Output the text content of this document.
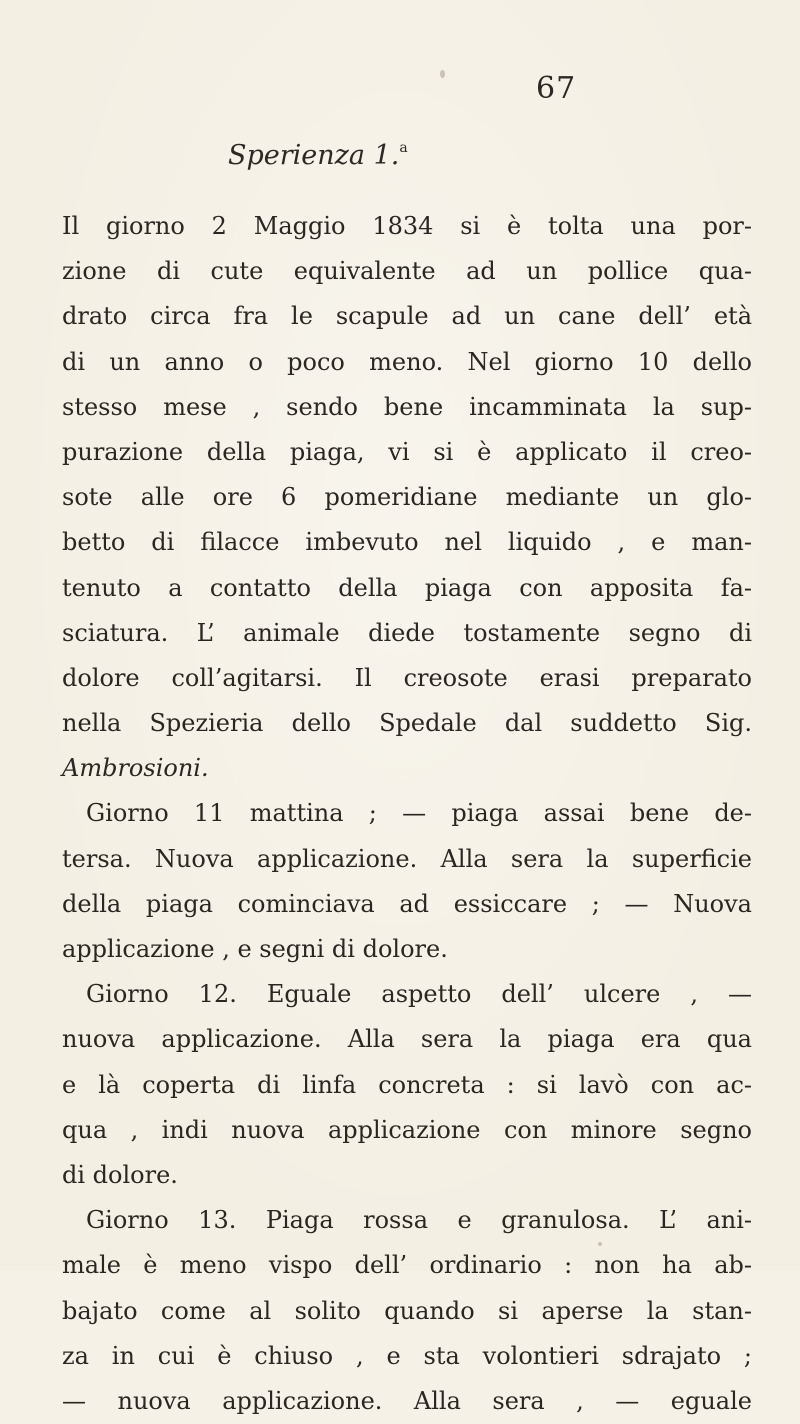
67
Sperienza 1.$^a$
Il giorno 2 Maggio 1834 si è tolta una por-
zione di cute equivalente ad un pollice qua-
drato circa fra le scapule ad un cane dell’ età
di un anno o poco meno. Nel giorno 10 dello
stesso mese , sendo bene incamminata la sup-
purazione della piaga, vi si è applicato il creo-
sote alle ore 6 pomeridiane mediante un glo-
betto di filacce imbevuto nel liquido , e man-
tenuto a contatto della piaga con apposita fa-
sciatura. L’ animale diede tostamente segno di
dolore coll’agitarsi. Il creosote erasi preparato
nella Spezieria dello Spedale dal suddetto Sig.
Ambrosioni.
Giorno 11 mattina ; — piaga assai bene de-
tersa. Nuova applicazione. Alla sera la superficie
della piaga cominciava ad essiccare ; — Nuova
applicazione , e segni di dolore.
Giorno 12. Eguale aspetto dell’ ulcere , —
nuova applicazione. Alla sera la piaga era qua
e là coperta di linfa concreta : si lavò con ac-
qua , indi nuova applicazione con minore segno
di dolore.
Giorno 13. Piaga rossa e granulosa. L’ ani-
male è meno vispo dell’ ordinario : non ha ab-
bajato come al solito quando si aperse la stan-
za in cui è chiuso , e sta volontieri sdrajato ;
— nuova applicazione. Alla sera , — eguale
